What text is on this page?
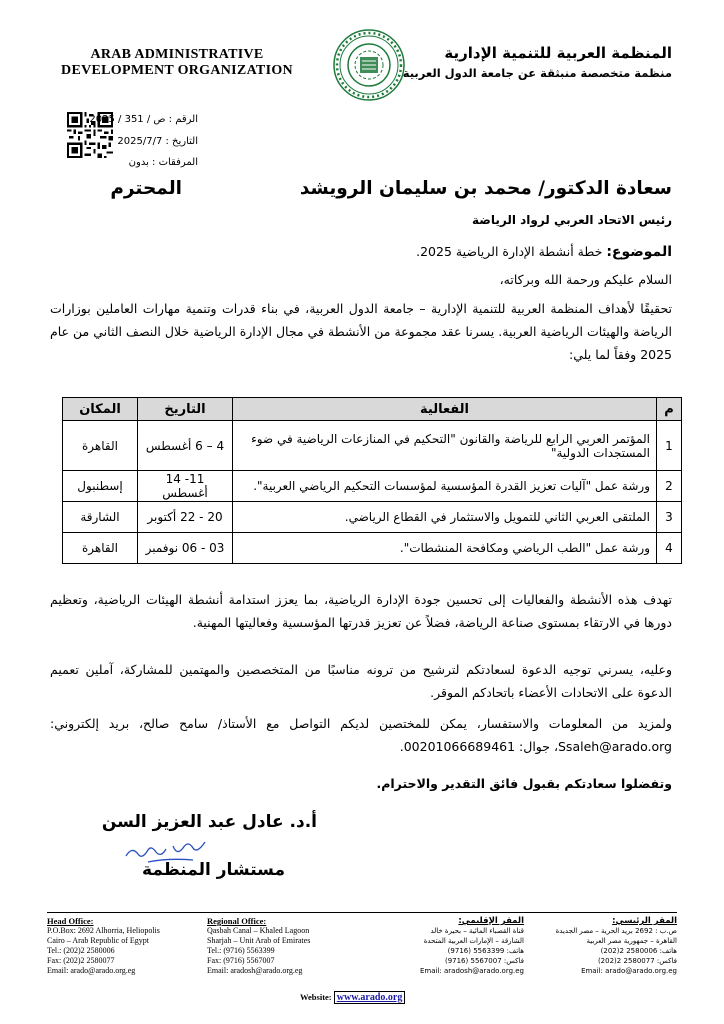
ARAB ADMINISTRATIVE DEVELOPMENT ORGANIZATION
المنظمة العربية للتنمية الإدارية
منظمة متخصصة منبثقة عن جامعة الدول العربية
الرقم : ص / 351 / 2025
التاريخ : 2025/7/7
المرفقات : بدون
سعادة الدكتور/ محمد بن سليمان الرويشد
المحترم
رئيس الاتحاد العربي لرواد الرياضة
الموضوع: خطة أنشطة الإدارة الرياضية 2025.
السلام عليكم ورحمة الله وبركاته،
تحقيقًا لأهداف المنظمة العربية للتنمية الإدارية – جامعة الدول العربية، في بناء قدرات وتنمية مهارات العاملين بوزارات الرياضة والهيئات الرياضية العربية. يسرنا عقد مجموعة من الأنشطة في مجال الإدارة الرياضية خلال النصف الثاني من عام 2025 وفقاً لما يلي:
م	الفعالية	التاريخ	المكان
1	المؤتمر العربي الرابع للرياضة والقانون "التحكيم في المنازعات الرياضية في ضوء المستجدات الدولية"	4 – 6 أغسطس	القاهرة
2	ورشة عمل "آليات تعزيز القدرة المؤسسية لمؤسسات التحكيم الرياضي العربية".	11- 14 أغسطس	إسطنبول
3	الملتقى العربي الثاني للتمويل والاستثمار في القطاع الرياضي.	20 - 22 أكتوبر	الشارقة
4	ورشة عمل "الطب الرياضي ومكافحة المنشطات".	03 - 06 نوفمبر	القاهرة
تهدف هذه الأنشطة والفعاليات إلى تحسين جودة الإدارة الرياضية، بما يعزز استدامة أنشطة الهيئات الرياضية، وتعظيم دورها في الارتقاء بمستوى صناعة الرياضة، فضلاً عن تعزيز قدرتها المؤسسية وفعاليتها المهنية.
وعليه، يسرني توجيه الدعوة لسعادتكم لترشيح من ترونه مناسبًا من المتخصصين والمهتمين للمشاركة، آملين تعميم الدعوة على الاتحادات الأعضاء باتحادكم الموقر.
ولمزيد من المعلومات والاستفسار، يمكن للمختصين لديكم التواصل مع الأستاذ/ سامح صالح، بريد إلكتروني: Ssaleh@arado.org، جوال: 00201066689461.
وتفضلوا سعادتكم بقبول فائق التقدير والاحترام.
أ.د. عادل عبد العزيز السن
مستشار المنظمة
Head Office:
P.O.Box: 2692 Alhorria, Heliopolis
Cairo – Arab Republic of Egypt
Tel.: (202)2 2580006
Fax: (202)2 2580077
Email: arado@arado.org.eg
Regional Office:
Qasbah Canal – Khaled Lagoon
Sharjah – Unit Arab of Emirates
Tel.: (9716) 5563399
Fax: (9716) 5567007
Email: aradosh@arado.org.eg
المقر الإقليمي:
قناة القصباء المائية – بحيرة خالد
الشارقة – الإمارات العربية المتحدة
هاتف: 5563399 (9716)
فاكس: 5567007 (9716)
Email: aradosh@arado.org.eg
المقر الرئيسي:
ص.ب : 2692 بريد الحرية – مصر الجديدة
القاهرة – جمهورية مصر العربية
هاتف: 2580006 2(202)
فاكس: 2580077 2(202)
Email: arado@arado.org.eg
Website: www.arado.org
